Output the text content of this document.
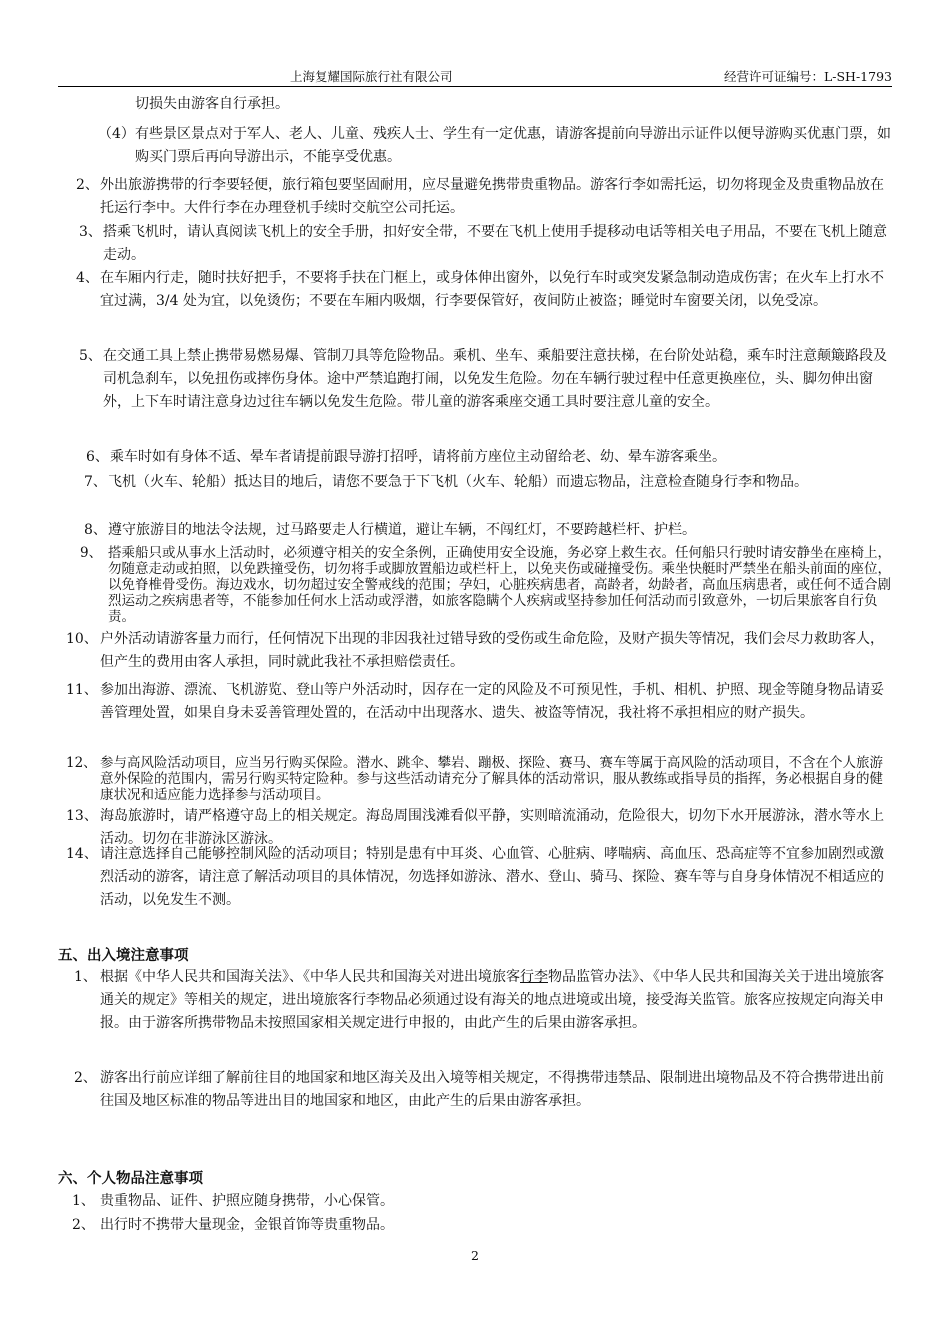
上海复耀国际旅行社有限公司	经营许可证编号：L-SH-1793
切损失由游客自行承担。
（4） 有些景区景点对于军人、老人、儿童、残疾人士、学生有一定优惠，请游客提前向导游出示证件以便导游购买优惠门票，如购买门票后再向导游出示，不能享受优惠。
2、 外出旅游携带的行李要轻便，旅行箱包要坚固耐用，应尽量避免携带贵重物品。游客行李如需托运，切勿将现金及贵重物品放在托运行李中。大件行李在办理登机手续时交航空公司托运。
3、 搭乘飞机时，请认真阅读飞机上的安全手册，扣好安全带，不要在飞机上使用手提移动电话等相关电子用品，不要在飞机上随意走动。
4、 在车厢内行走，随时扶好把手，不要将手扶在门框上，或身体伸出窗外，以免行车时或突发紧急制动造成伤害；在火车上打水不宜过满，3/4 处为宜，以免烫伤；不要在车厢内吸烟，行李要保管好，夜间防止被盗；睡觉时车窗要关闭，以免受凉。
5、 在交通工具上禁止携带易燃易爆、管制刀具等危险物品。乘机、坐车、乘船要注意扶梯，在台阶处站稳，乘车时注意颠簸路段及司机急刹车，以免扭伤或摔伤身体。途中严禁追跑打闹，以免发生危险。勿在车辆行驶过程中任意更换座位，头、脚勿伸出窗外，上下车时请注意身边过往车辆以免发生危险。带儿童的游客乘座交通工具时要注意儿童的安全。
6、 乘车时如有身体不适、晕车者请提前跟导游打招呼，请将前方座位主动留给老、幼、晕车游客乘坐。
7、 飞机（火车、轮船）抵达目的地后，请您不要急于下飞机（火车、轮船）而遗忘物品，注意检查随身行李和物品。
8、 遵守旅游目的地法令法规，过马路要走人行横道，避让车辆，不闯红灯，不要跨越栏杆、护栏。
9、 搭乘船只或从事水上活动时，必须遵守相关的安全条例，正确使用安全设施，务必穿上救生衣。任何船只行驶时请安静坐在座椅上，勿随意走动或拍照，以免跌撞受伤，切勿将手或脚放置船边或栏杆上，以免夹伤或碰撞受伤。乘坐快艇时严禁坐在船头前面的座位，以免脊椎骨受伤。海边戏水，切勿超过安全警戒线的范围；孕妇，心脏疾病患者，高龄者，幼龄者，高血压病患者，或任何不适合剧烈运动之疾病患者等，不能参加任何水上活动或浮潜，如旅客隐瞒个人疾病或坚持参加任何活动而引致意外，一切后果旅客自行负责。
10、 户外活动请游客量力而行，任何情况下出现的非因我社过错导致的受伤或生命危险，及财产损失等情况，我们会尽力救助客人，但产生的费用由客人承担，同时就此我社不承担赔偿责任。
11、 参加出海游、漂流、飞机游览、登山等户外活动时，因存在一定的风险及不可预见性，手机、相机、护照、现金等随身物品请妥善管理处置，如果自身未妥善管理处置的，在活动中出现落水、遗失、被盗等情况，我社将不承担相应的财产损失。
12、 参与高风险活动项目，应当另行购买保险。潜水、跳伞、攀岩、蹦极、探险、赛马、赛车等属于高风险的活动项目，不含在个人旅游意外保险的范围内，需另行购买特定险种。参与这些活动请充分了解具体的活动常识，服从教练或指导员的指挥，务必根据自身的健康状况和适应能力选择参与活动项目。
13、 海岛旅游时，请严格遵守岛上的相关规定。海岛周围浅滩看似平静，实则暗流涌动，危险很大，切勿下水开展游泳，潜水等水上活动。切勿在非游泳区游泳。
14、 请注意选择自己能够控制风险的活动项目；特别是患有中耳炎、心血管、心脏病、哮喘病、高血压、恐高症等不宜参加剧烈或激烈活动的游客，请注意了解活动项目的具体情况，勿选择如游泳、潜水、登山、骑马、探险、赛车等与自身身体情况不相适应的活动，以免发生不测。
五、出入境注意事项
1、 根据《中华人民共和国海关法》、《中华人民共和国海关对进出境旅客行李物品监管办法》、《中华人民共和国海关关于进出境旅客通关的规定》等相关的规定，进出境旅客行李物品必须通过设有海关的地点进境或出境，接受海关监管。旅客应按规定向海关申报。由于游客所携带物品未按照国家相关规定进行申报的，由此产生的后果由游客承担。
2、 游客出行前应详细了解前往目的地国家和地区海关及出入境等相关规定，不得携带违禁品、限制进出境物品及不符合携带进出前往国及地区标准的物品等进出目的地国家和地区，由此产生的后果由游客承担。
六、个人物品注意事项
1、 贵重物品、证件、护照应随身携带，小心保管。
2、 出行时不携带大量现金，金银首饰等贵重物品。
2
